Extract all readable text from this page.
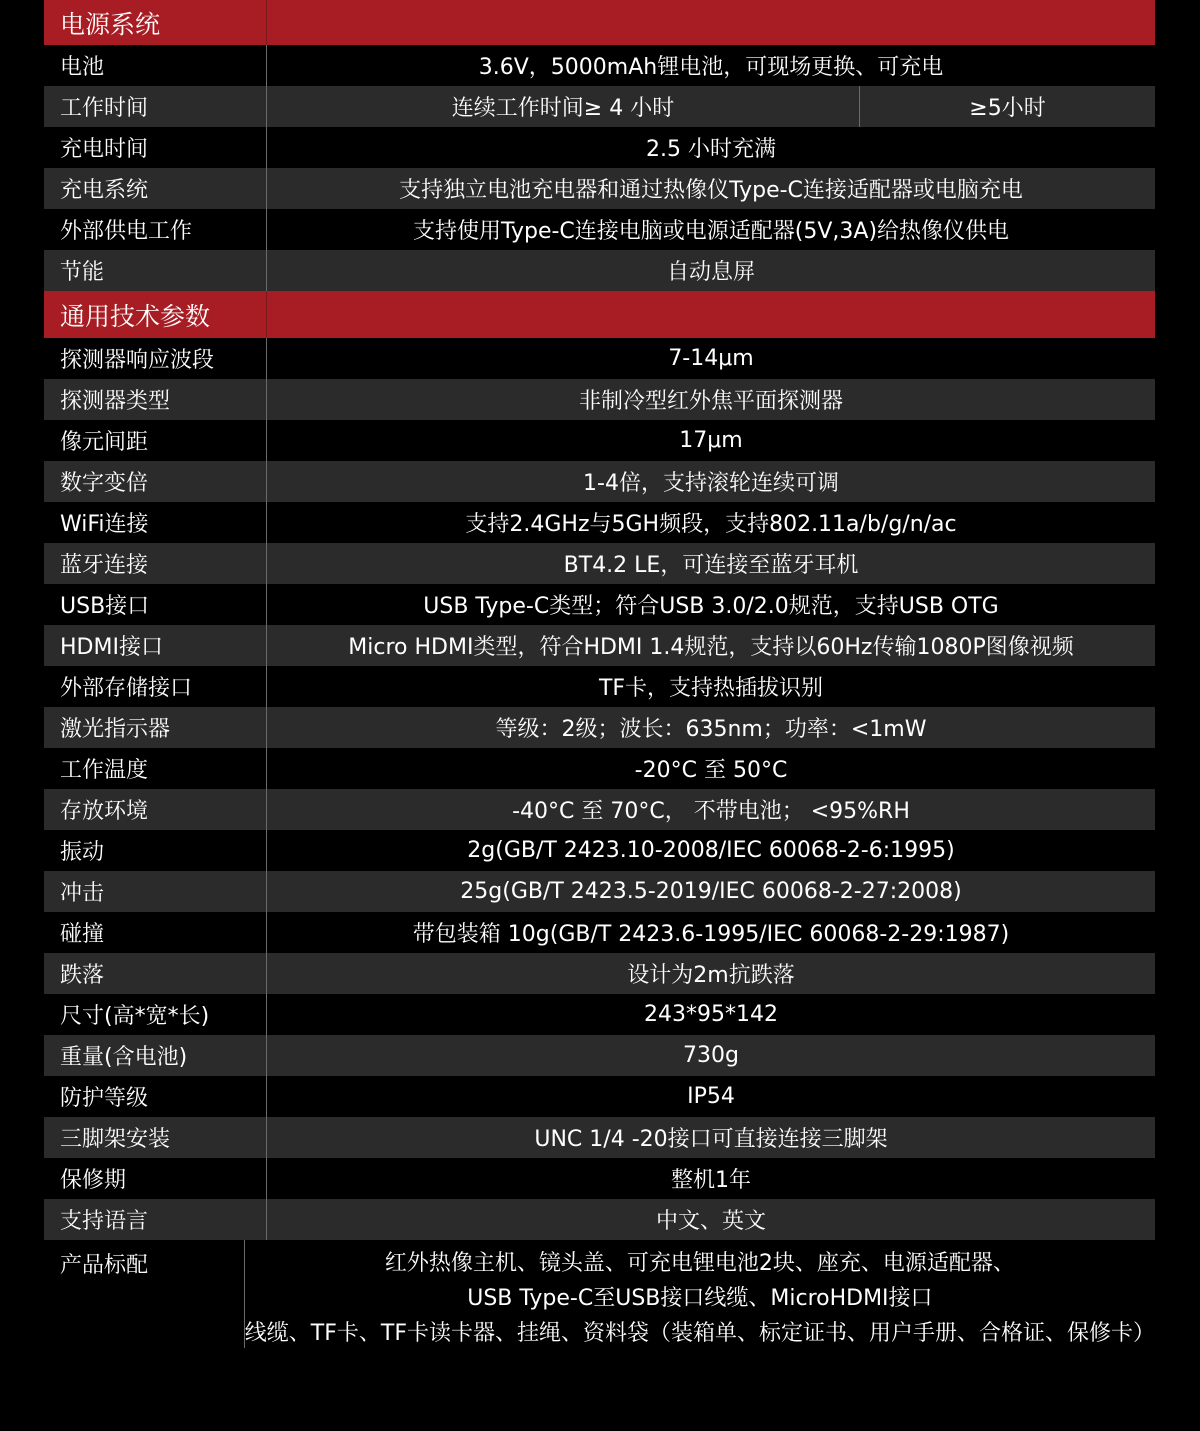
电源系统
电池	3.6V，5000mAh锂电池，可现场更换、可充电
工作时间	连续工作时间≥ 4 小时	≥5小时
充电时间	2.5 小时充满
充电系统	支持独立电池充电器和通过热像仪Type-C连接适配器或电脑充电
外部供电工作	支持使用Type-C连接电脑或电源适配器(5V,3A)给热像仪供电
节能	自动息屏
通用技术参数
探测器响应波段	7-14μm
探测器类型	非制冷型红外焦平面探测器
像元间距	17μm
数字变倍	1-4倍，支持滚轮连续可调
WiFi连接	支持2.4GHz与5GH频段，支持802.11a/b/g/n/ac
蓝牙连接	BT4.2 LE，可连接至蓝牙耳机
USB接口	USB Type-C类型；符合USB 3.0/2.0规范，支持USB OTG
HDMI接口	Micro HDMI类型，符合HDMI 1.4规范，支持以60Hz传输1080P图像视频
外部存储接口	TF卡，支持热插拔识别
激光指示器	等级：2级；波长：635nm；功率：<1mW
工作温度	-20°C 至 50°C
存放环境	-40°C 至 70°C， 不带电池； <95%RH
振动	2g(GB/T 2423.10-2008/IEC 60068-2-6:1995)
冲击	25g(GB/T 2423.5-2019/IEC 60068-2-27:2008)
碰撞	带包装箱 10g(GB/T 2423.6-1995/IEC 60068-2-29:1987)
跌落	设计为2m抗跌落
尺寸(高*宽*长)	243*95*142
重量(含电池)	730g
防护等级	IP54
三脚架安装	UNC 1/4 -20接口可直接连接三脚架
保修期	整机1年
支持语言	中文、英文
产品标配	红外热像主机、镜头盖、可充电锂电池2块、座充、电源适配器、
USB Type-C至USB接口线缆、MicroHDMI接口
线缆、TF卡、TF卡读卡器、挂绳、资料袋（装箱单、标定证书、用户手册、合格证、保修卡）
